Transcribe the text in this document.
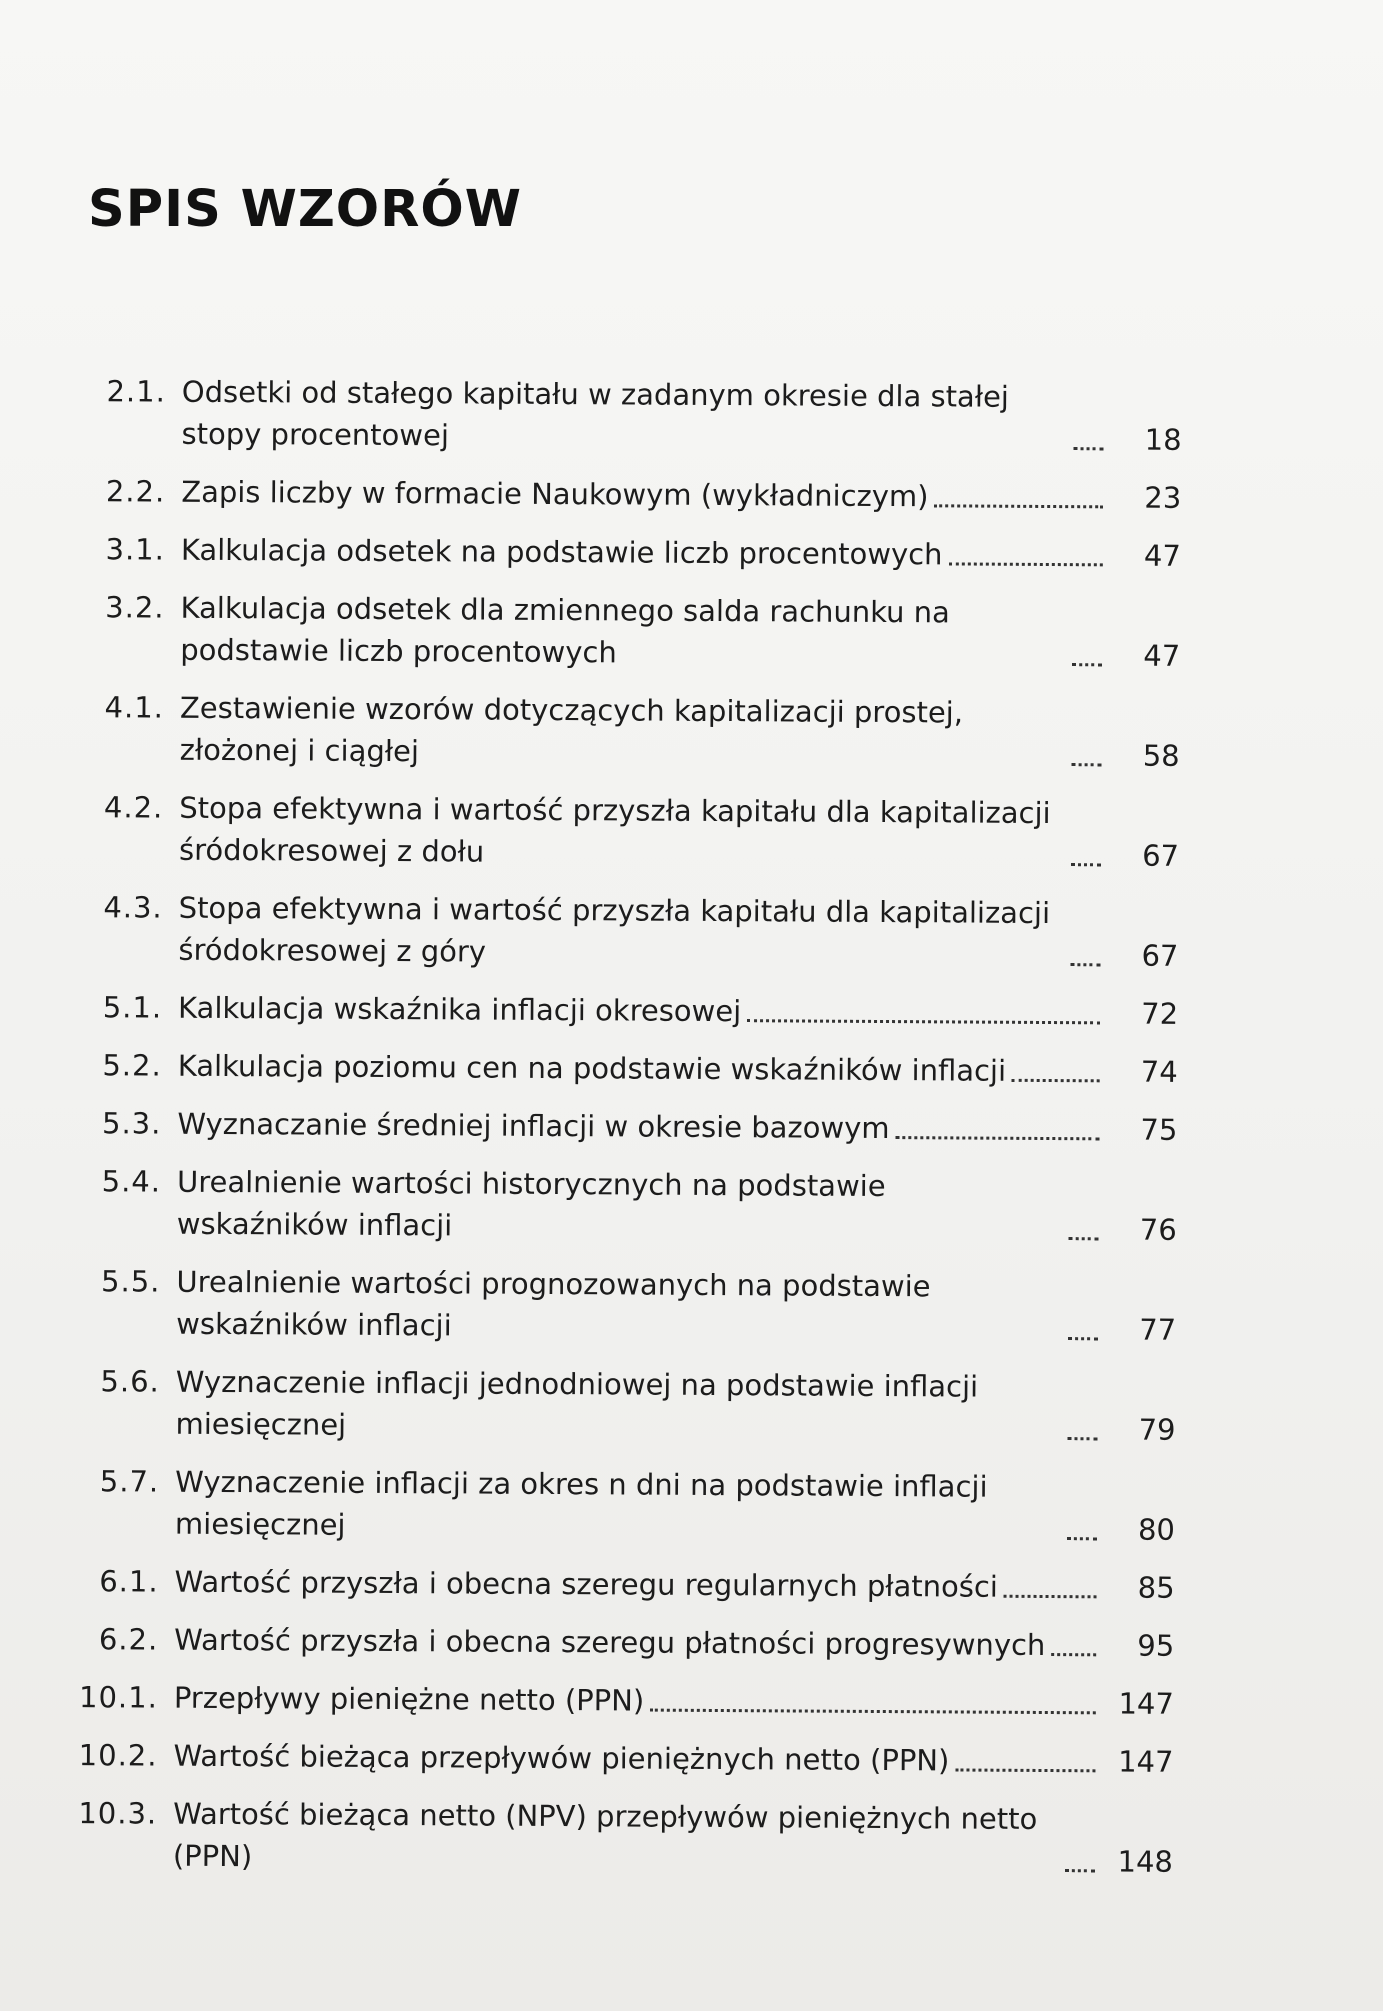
SPIS WZORÓW
2.1. Odsetki od stałego kapitału w zadanym okresie dla stałej stopy procentowej	18
2.2. Zapis liczby w formacie Naukowym (wykładniczym)	23
3.1. Kalkulacja odsetek na podstawie liczb procentowych	47
3.2. Kalkulacja odsetek dla zmiennego salda rachunku na podstawie liczb procentowych	47
4.1. Zestawienie wzorów dotyczących kapitalizacji prostej, złożonej i ciągłej	58
4.2. Stopa efektywna i wartość przyszła kapitału dla kapitalizacji śródokresowej z dołu	67
4.3. Stopa efektywna i wartość przyszła kapitału dla kapitalizacji śródokresowej z góry	67
5.1. Kalkulacja wskaźnika inflacji okresowej	72
5.2. Kalkulacja poziomu cen na podstawie wskaźników inflacji	74
5.3. Wyznaczanie średniej inflacji w okresie bazowym	75
5.4. Urealnienie wartości historycznych na podstawie wskaźników inflacji	76
5.5. Urealnienie wartości prognozowanych na podstawie wskaźników inflacji	77
5.6. Wyznaczenie inflacji jednodniowej na podstawie inflacji miesięcznej	79
5.7. Wyznaczenie inflacji za okres n dni na podstawie inflacji miesięcznej	80
6.1. Wartość przyszła i obecna szeregu regularnych płatności	85
6.2. Wartość przyszła i obecna szeregu płatności progresywnych	95
10.1. Przepływy pieniężne netto (PPN)	147
10.2. Wartość bieżąca przepływów pieniężnych netto (PPN)	147
10.3. Wartość bieżąca netto (NPV) przepływów pieniężnych netto (PPN)	148
